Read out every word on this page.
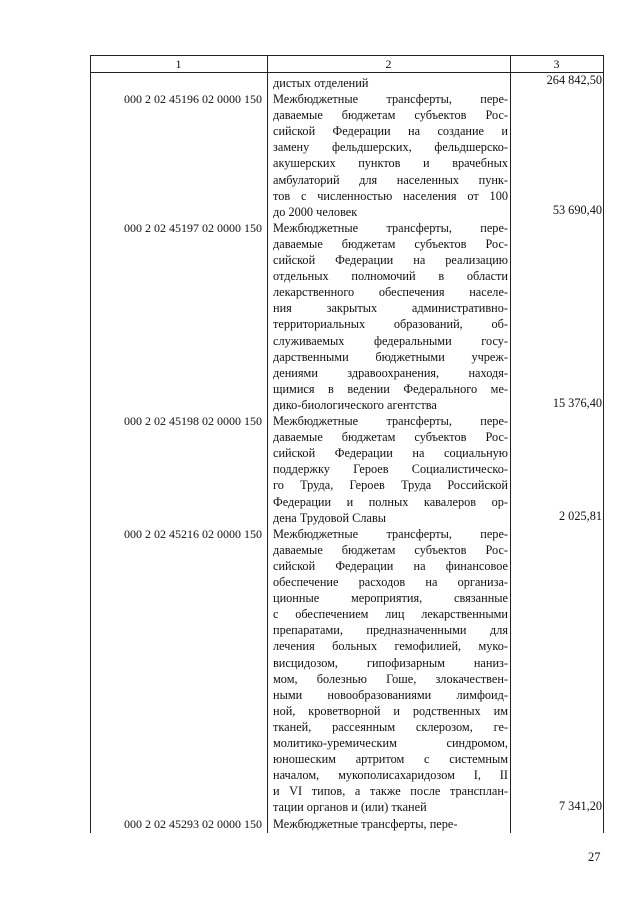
1	2	3
дистых отделений	264 842,50
000 2 02 45196 02 0000 150 Межбюджетные трансферты, пере-
даваемые бюджетам субъектов Рос-
сийской Федерации на создание и
замену фельдшерских, фельдшерско-
акушерских пунктов и врачебных
амбулаторий для населенных пунк-
тов с численностью населения от 100
до 2000 человек	53 690,40
000 2 02 45197 02 0000 150 Межбюджетные трансферты, пере-
даваемые бюджетам субъектов Рос-
сийской Федерации на реализацию
отдельных полномочий в области
лекарственного обеспечения населе-
ния закрытых административно-
территориальных образований, об-
служиваемых федеральными госу-
дарственными бюджетными учреж-
дениями здравоохранения, находя-
щимися в ведении Федерального ме-
дико-биологического агентства	15 376,40
000 2 02 45198 02 0000 150 Межбюджетные трансферты, пере-
даваемые бюджетам субъектов Рос-
сийской Федерации на социальную
поддержку Героев Социалистическо-
го Труда, Героев Труда Российской
Федерации и полных кавалеров ор-
дена Трудовой Славы	2 025,81
000 2 02 45216 02 0000 150 Межбюджетные трансферты, пере-
даваемые бюджетам субъектов Рос-
сийской Федерации на финансовое
обеспечение расходов на организа-
ционные мероприятия, связанные
с обеспечением лиц лекарственными
препаратами, предназначенными для
лечения больных гемофилией, муко-
висцидозом, гипофизарным наниз-
мом, болезнью Гоше, злокачествен-
ными новообразованиями лимфоид-
ной, кроветворной и родственных им
тканей, рассеянным склерозом, ге-
молитико-уремическим синдромом,
юношеским артритом с системным
началом, мукополисахаридозом I, II
и VI типов, а также после трансплан-
тации органов и (или) тканей	7 341,20
000 2 02 45293 02 0000 150 Межбюджетные трансферты, пере-
27
